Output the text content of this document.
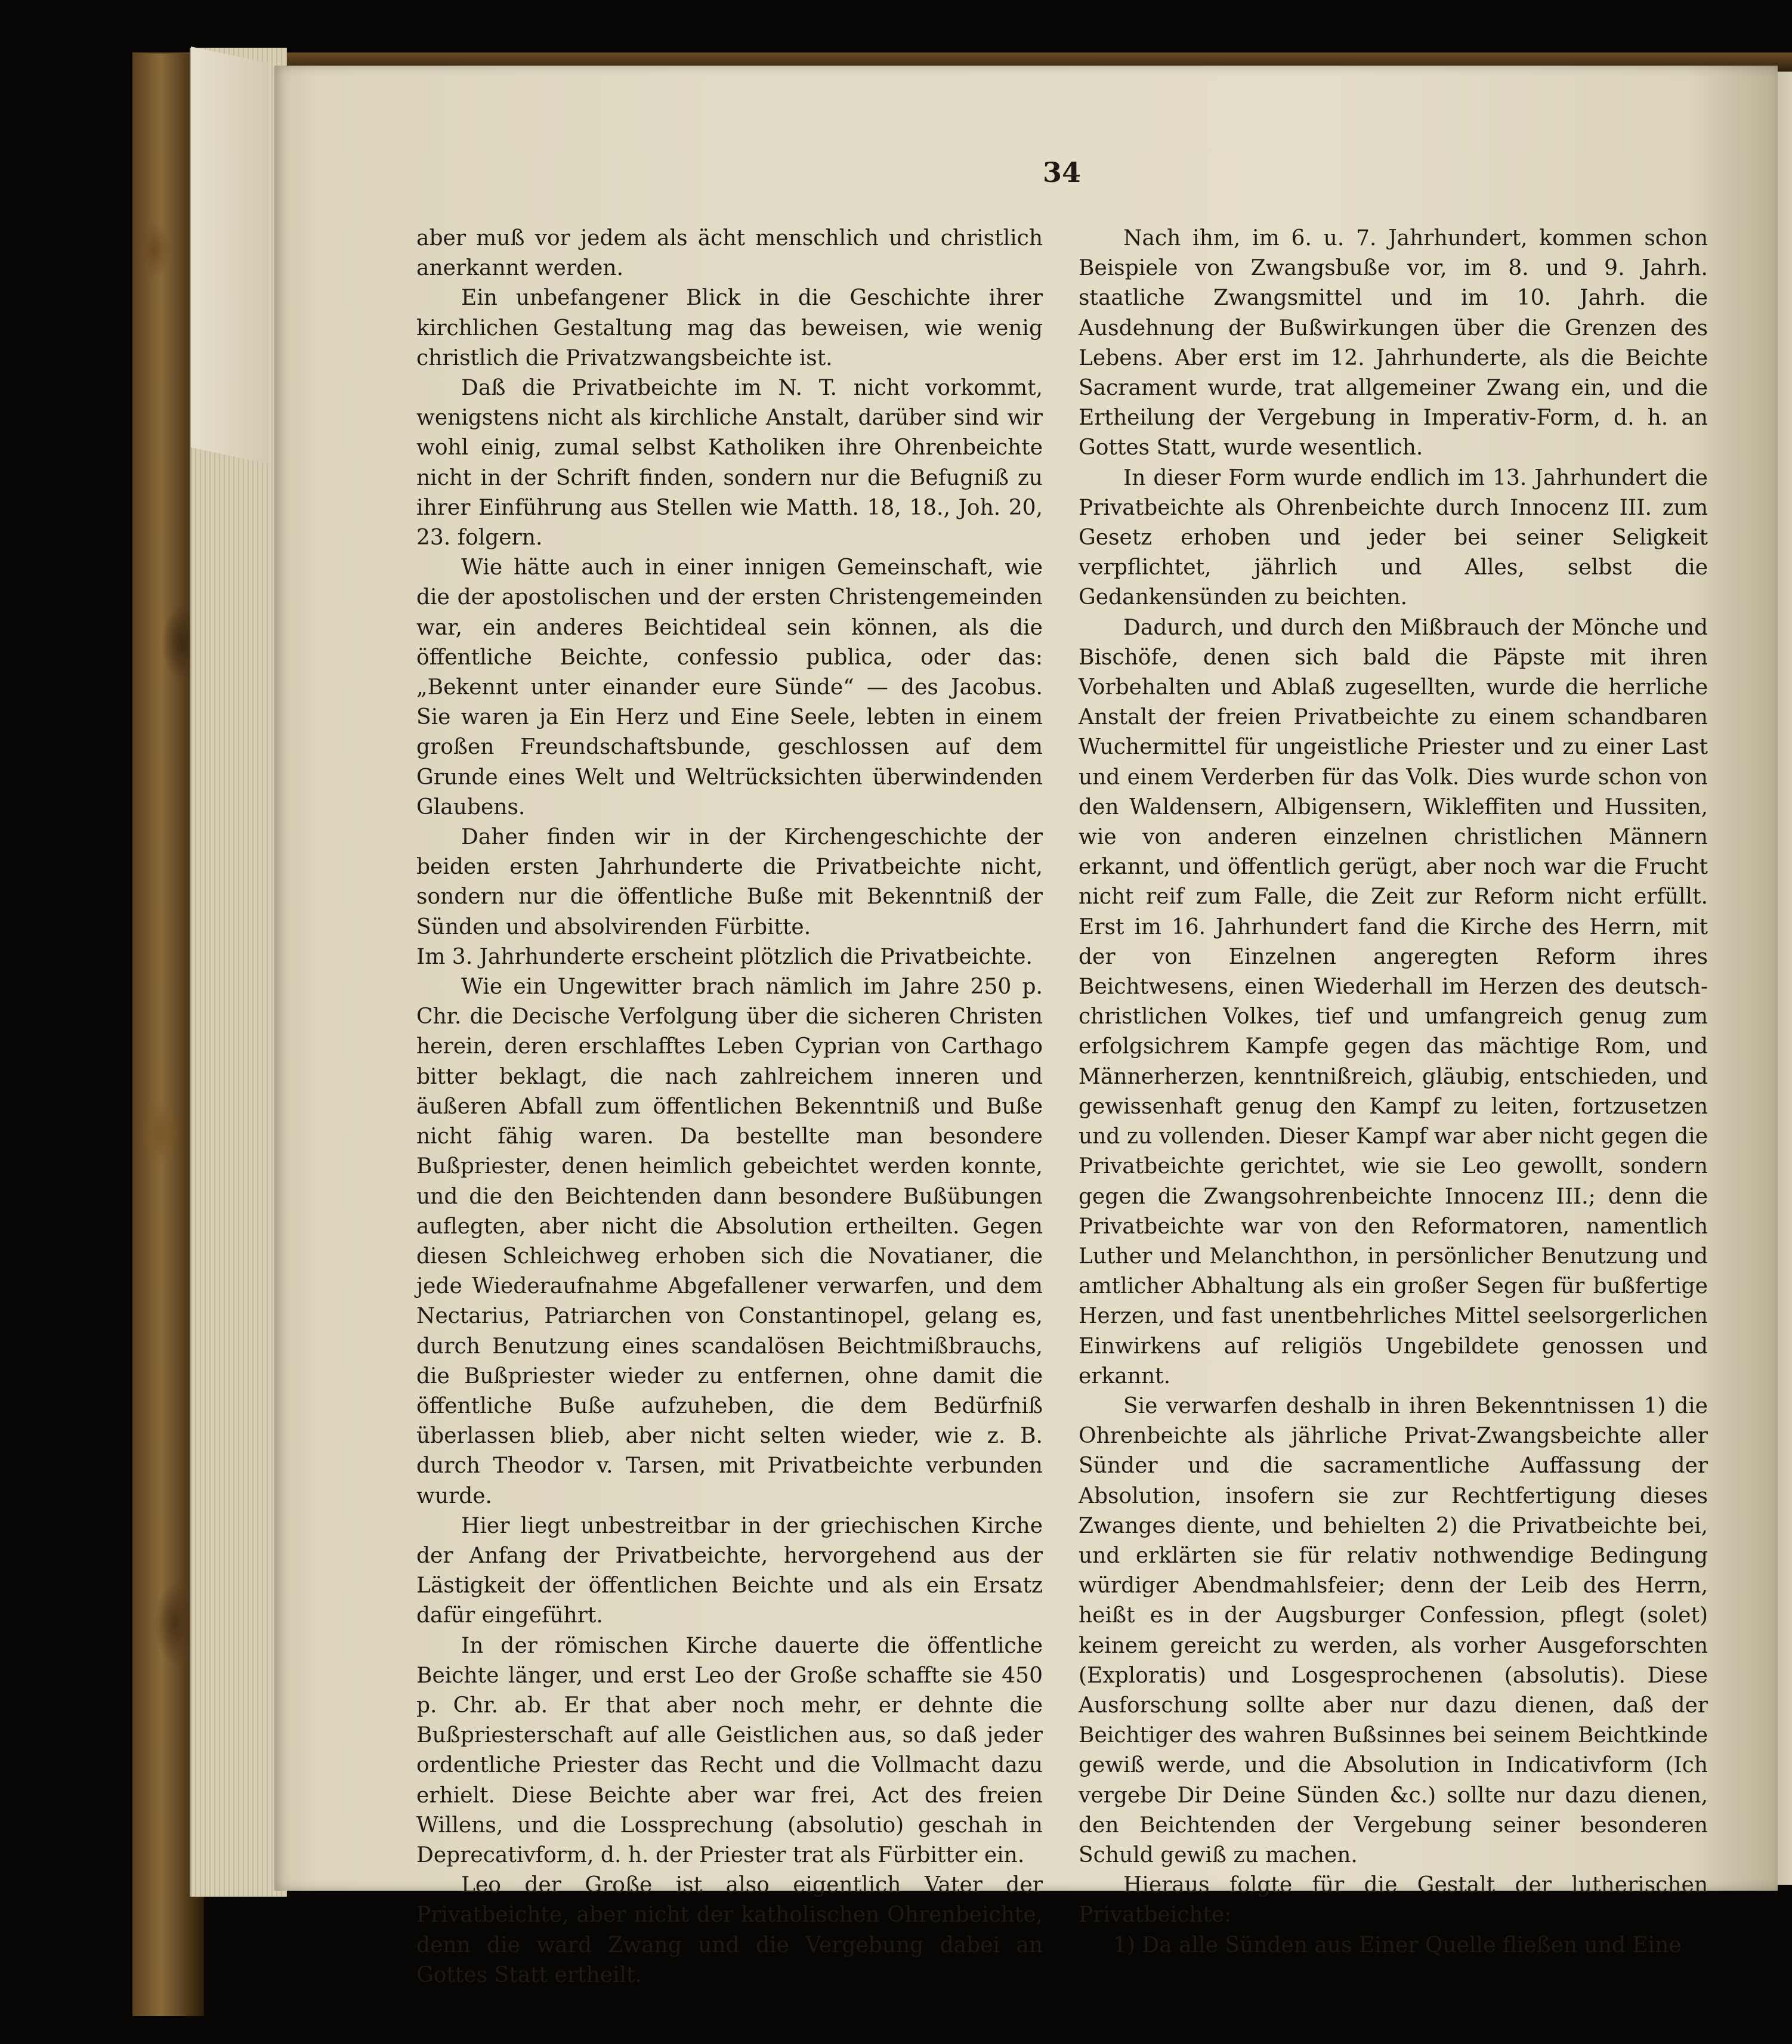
34

aber muß vor jedem als ächt menschlich und christlich anerkannt werden.

Ein unbefangener Blick in die Geschichte ihrer kirchlichen Gestaltung mag das beweisen, wie wenig christlich die Privatzwangsbeichte ist.

Daß die Privatbeichte im N. T. nicht vorkommt, wenigstens nicht als kirchliche Anstalt, darüber sind wir wohl einig, zumal selbst Katholiken ihre Ohrenbeichte nicht in der Schrift finden, sondern nur die Befugniß zu ihrer Einführung aus Stellen wie Matth. 18, 18., Joh. 20, 23. folgern.

Wie hätte auch in einer innigen Gemeinschaft, wie die der apostolischen und der ersten Christengemeinden war, ein anderes Beichtideal sein können, als die öffentliche Beichte, confessio publica, oder das: „Bekennt unter einander eure Sünde“ — des Jacobus. Sie waren ja Ein Herz und Eine Seele, lebten in einem großen Freundschaftsbunde, geschlossen auf dem Grunde eines Welt und Weltrücksichten überwindenden Glaubens.

Daher finden wir in der Kirchengeschichte der beiden ersten Jahrhunderte die Privatbeichte nicht, sondern nur die öffentliche Buße mit Bekenntniß der Sünden und absolvirenden Fürbitte.

Im 3. Jahrhunderte erscheint plötzlich die Privatbeichte.

Wie ein Ungewitter brach nämlich im Jahre 250 p. Chr. die Decische Verfolgung über die sicheren Christen herein, deren erschlafftes Leben Cyprian von Carthago bitter beklagt, die nach zahlreichem inneren und äußeren Abfall zum öffentlichen Bekenntniß und Buße nicht fähig waren. Da bestellte man besondere Bußpriester, denen heimlich gebeichtet werden konnte, und die den Beichtenden dann besondere Bußübungen auflegten, aber nicht die Absolution ertheilten. Gegen diesen Schleichweg erhoben sich die Novatianer, die jede Wiederaufnahme Abgefallener verwarfen, und dem Nectarius, Patriarchen von Constantinopel, gelang es, durch Benutzung eines scandalösen Beichtmißbrauchs, die Bußpriester wieder zu entfernen, ohne damit die öffentliche Buße aufzuheben, die dem Bedürfniß überlassen blieb, aber nicht selten wieder, wie z. B. durch Theodor v. Tarsen, mit Privatbeichte verbunden wurde.

Hier liegt unbestreitbar in der griechischen Kirche der Anfang der Privatbeichte, hervorgehend aus der Lästigkeit der öffentlichen Beichte und als ein Ersatz dafür eingeführt.

In der römischen Kirche dauerte die öffentliche Beichte länger, und erst Leo der Große schaffte sie 450 p. Chr. ab. Er that aber noch mehr, er dehnte die Bußpriesterschaft auf alle Geistlichen aus, so daß jeder ordentliche Priester das Recht und die Vollmacht dazu erhielt. Diese Beichte aber war frei, Act des freien Willens, und die Lossprechung (absolutio) geschah in Deprecativform, d. h. der Priester trat als Fürbitter ein.

Leo der Große ist also eigentlich Vater der Privatbeichte, aber nicht der katholischen Ohrenbeichte, denn die ward Zwang und die Vergebung dabei an Gottes Statt ertheilt.

Nach ihm, im 6. u. 7. Jahrhundert, kommen schon Beispiele von Zwangsbuße vor, im 8. und 9. Jahrh. staatliche Zwangsmittel und im 10. Jahrh. die Ausdehnung der Bußwirkungen über die Grenzen des Lebens. Aber erst im 12. Jahrhunderte, als die Beichte Sacrament wurde, trat allgemeiner Zwang ein, und die Ertheilung der Vergebung in Imperativ-Form, d. h. an Gottes Statt, wurde wesentlich.

In dieser Form wurde endlich im 13. Jahrhundert die Privatbeichte als Ohrenbeichte durch Innocenz III. zum Gesetz erhoben und jeder bei seiner Seligkeit verpflichtet, jährlich und Alles, selbst die Gedankensünden zu beichten.

Dadurch, und durch den Mißbrauch der Mönche und Bischöfe, denen sich bald die Päpste mit ihren Vorbehalten und Ablaß zugesellten, wurde die herrliche Anstalt der freien Privatbeichte zu einem schandbaren Wuchermittel für ungeistliche Priester und zu einer Last und einem Verderben für das Volk. Dies wurde schon von den Waldensern, Albigensern, Wikleffiten und Hussiten, wie von anderen einzelnen christlichen Männern erkannt, und öffentlich gerügt, aber noch war die Frucht nicht reif zum Falle, die Zeit zur Reform nicht erfüllt. Erst im 16. Jahrhundert fand die Kirche des Herrn, mit der von Einzelnen angeregten Reform ihres Beichtwesens, einen Wiederhall im Herzen des deutsch-christlichen Volkes, tief und umfangreich genug zum erfolgsichrem Kampfe gegen das mächtige Rom, und Männerherzen, kenntnißreich, gläubig, entschieden, und gewissenhaft genug den Kampf zu leiten, fortzusetzen und zu vollenden. Dieser Kampf war aber nicht gegen die Privatbeichte gerichtet, wie sie Leo gewollt, sondern gegen die Zwangsohrenbeichte Innocenz III.; denn die Privatbeichte war von den Reformatoren, namentlich Luther und Melanchthon, in persönlicher Benutzung und amtlicher Abhaltung als ein großer Segen für bußfertige Herzen, und fast unentbehrliches Mittel seelsorgerlichen Einwirkens auf religiös Ungebildete genossen und erkannt.

Sie verwarfen deshalb in ihren Bekenntnissen 1) die Ohrenbeichte als jährliche Privat-Zwangsbeichte aller Sünder und die sacramentliche Auffassung der Absolution, insofern sie zur Rechtfertigung dieses Zwanges diente, und behielten 2) die Privatbeichte bei, und erklärten sie für relativ nothwendige Bedingung würdiger Abendmahlsfeier; denn der Leib des Herrn, heißt es in der Augsburger Confession, pflegt (solet) keinem gereicht zu werden, als vorher Ausgeforschten (Exploratis) und Losgesprochenen (absolutis). Diese Ausforschung sollte aber nur dazu dienen, daß der Beichtiger des wahren Bußsinnes bei seinem Beichtkinde gewiß werde, und die Absolution in Indicativform (Ich vergebe Dir Deine Sünden &c.) sollte nur dazu dienen, den Beichtenden der Vergebung seiner besonderen Schuld gewiß zu machen.

Hieraus folgte für die Gestalt der lutherischen Privatbeichte:

1) Da alle Sünden aus Einer Quelle fließen und Eine
